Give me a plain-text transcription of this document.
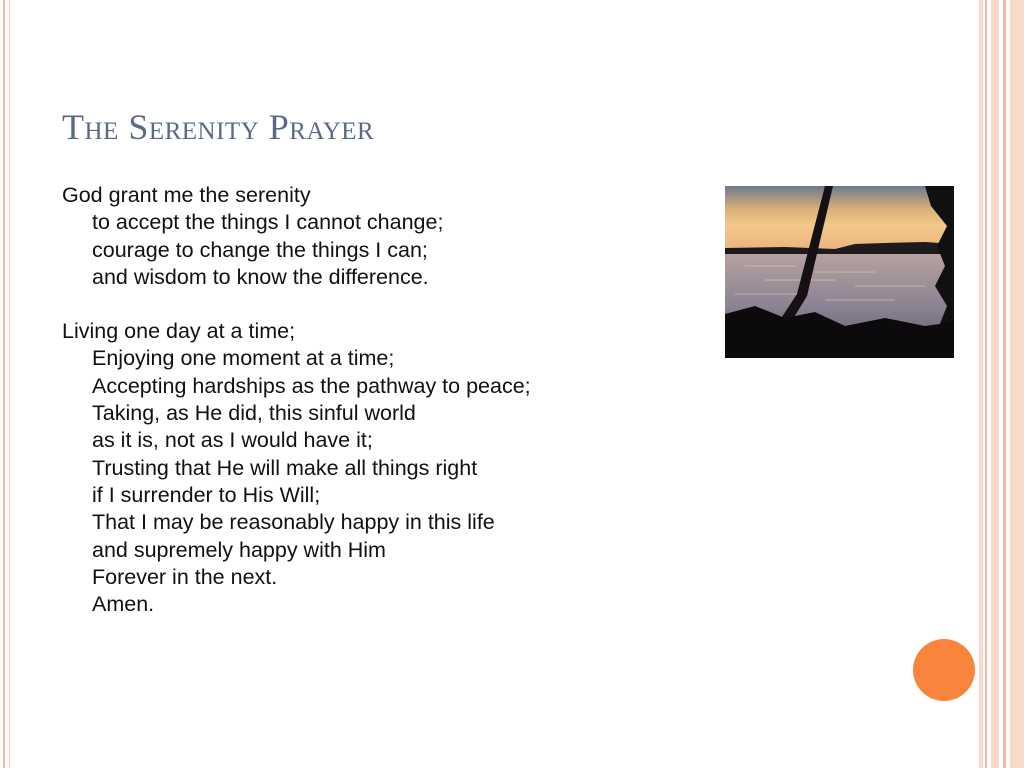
The Serenity Prayer

God grant me the serenity
to accept the things I cannot change;
courage to change the things I can;
and wisdom to know the difference.

Living one day at a time;
Enjoying one moment at a time;
Accepting hardships as the pathway to peace;
Taking, as He did, this sinful world
as it is, not as I would have it;
Trusting that He will make all things right
if I surrender to His Will;
That I may be reasonably happy in this life
and supremely happy with Him
Forever in the next.
Amen.
